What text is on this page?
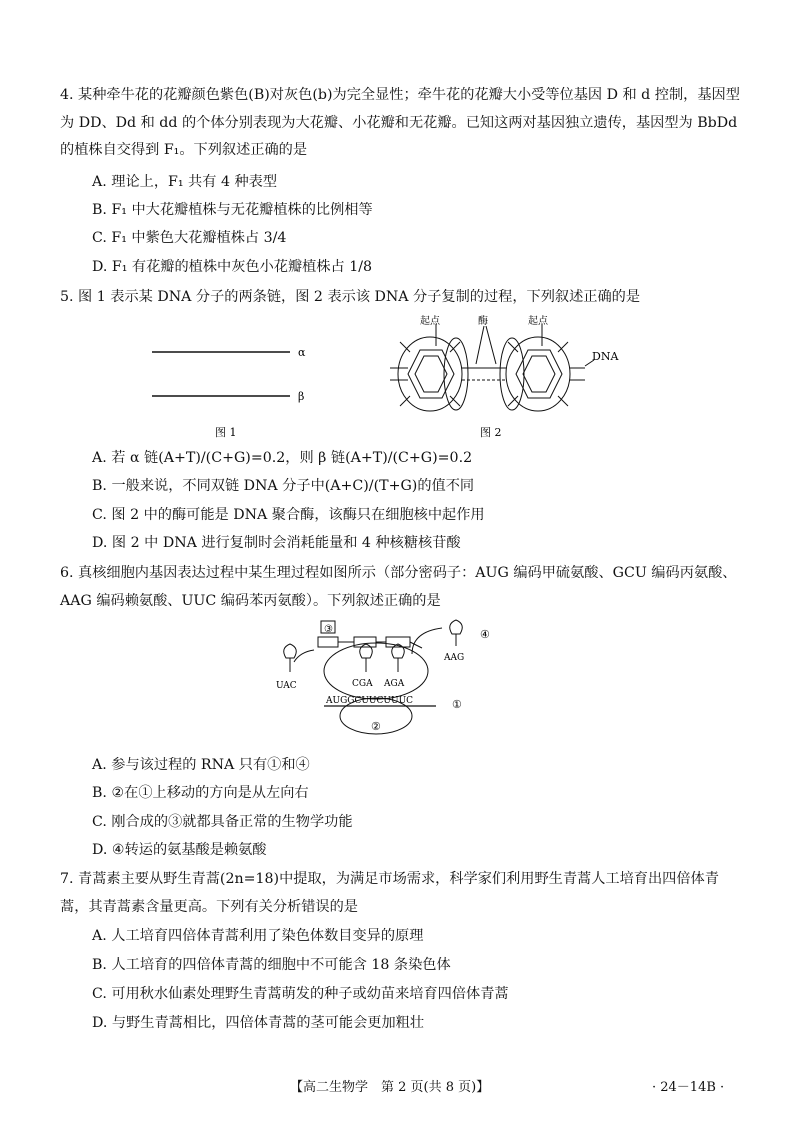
4. 某种牵牛花的花瓣颜色紫色(B)对灰色(b)为完全显性；牵牛花的花瓣大小受等位基因 D 和 d 控制，基因型为 DD、Dd 和 dd 的个体分别表现为大花瓣、小花瓣和无花瓣。已知这两对基因独立遗传，基因型为 BbDd 的植株自交得到 F₁。下列叙述正确的是

A. 理论上，F₁ 共有 4 种表型
B. F₁ 中大花瓣植株与无花瓣植株的比例相等
C. F₁ 中紫色大花瓣植株占 3/4
D. F₁ 有花瓣的植株中灰色小花瓣植株占 1/8

5. 图 1 表示某 DNA 分子的两条链，图 2 表示该 DNA 分子复制的过程，下列叙述正确的是

α
β
图 1
起点	起点
酶
DNA
图 2
A. 若 α 链(A+T)/(C+G)=0.2，则 β 链(A+T)/(C+G)=0.2
B. 一般来说，不同双链 DNA 分子中(A+C)/(T+G)的值不同
C. 图 2 中的酶可能是 DNA 聚合酶，该酶只在细胞核中起作用
D. 图 2 中 DNA 进行复制时会消耗能量和 4 种核糖核苷酸

6. 真核细胞内基因表达过程中某生理过程如图所示（部分密码子：AUG 编码甲硫氨酸、GCU 编码丙氨酸、AAG 编码赖氨酸、UUC 编码苯丙氨酸）。下列叙述正确的是

③	④
UAC	CGA AGA
AAG
AUGGCUUCUUUC	①
②
A. 参与该过程的 RNA 只有①和④
B. ②在①上移动的方向是从左向右
C. 刚合成的③就都具备正常的生物学功能
D. ④转运的氨基酸是赖氨酸

7. 青蒿素主要从野生青蒿(2n=18)中提取，为满足市场需求，科学家们利用野生青蒿人工培育出四倍体青蒿，其青蒿素含量更高。下列有关分析错误的是

A. 人工培育四倍体青蒿利用了染色体数目变异的原理
B. 人工培育的四倍体青蒿的细胞中不可能含 18 条染色体
C. 可用秋水仙素处理野生青蒿萌发的种子或幼苗来培育四倍体青蒿
D. 与野生青蒿相比，四倍体青蒿的茎可能会更加粗壮
【高二生物学　第 2 页(共 8 页)】	· 24－14B ·
